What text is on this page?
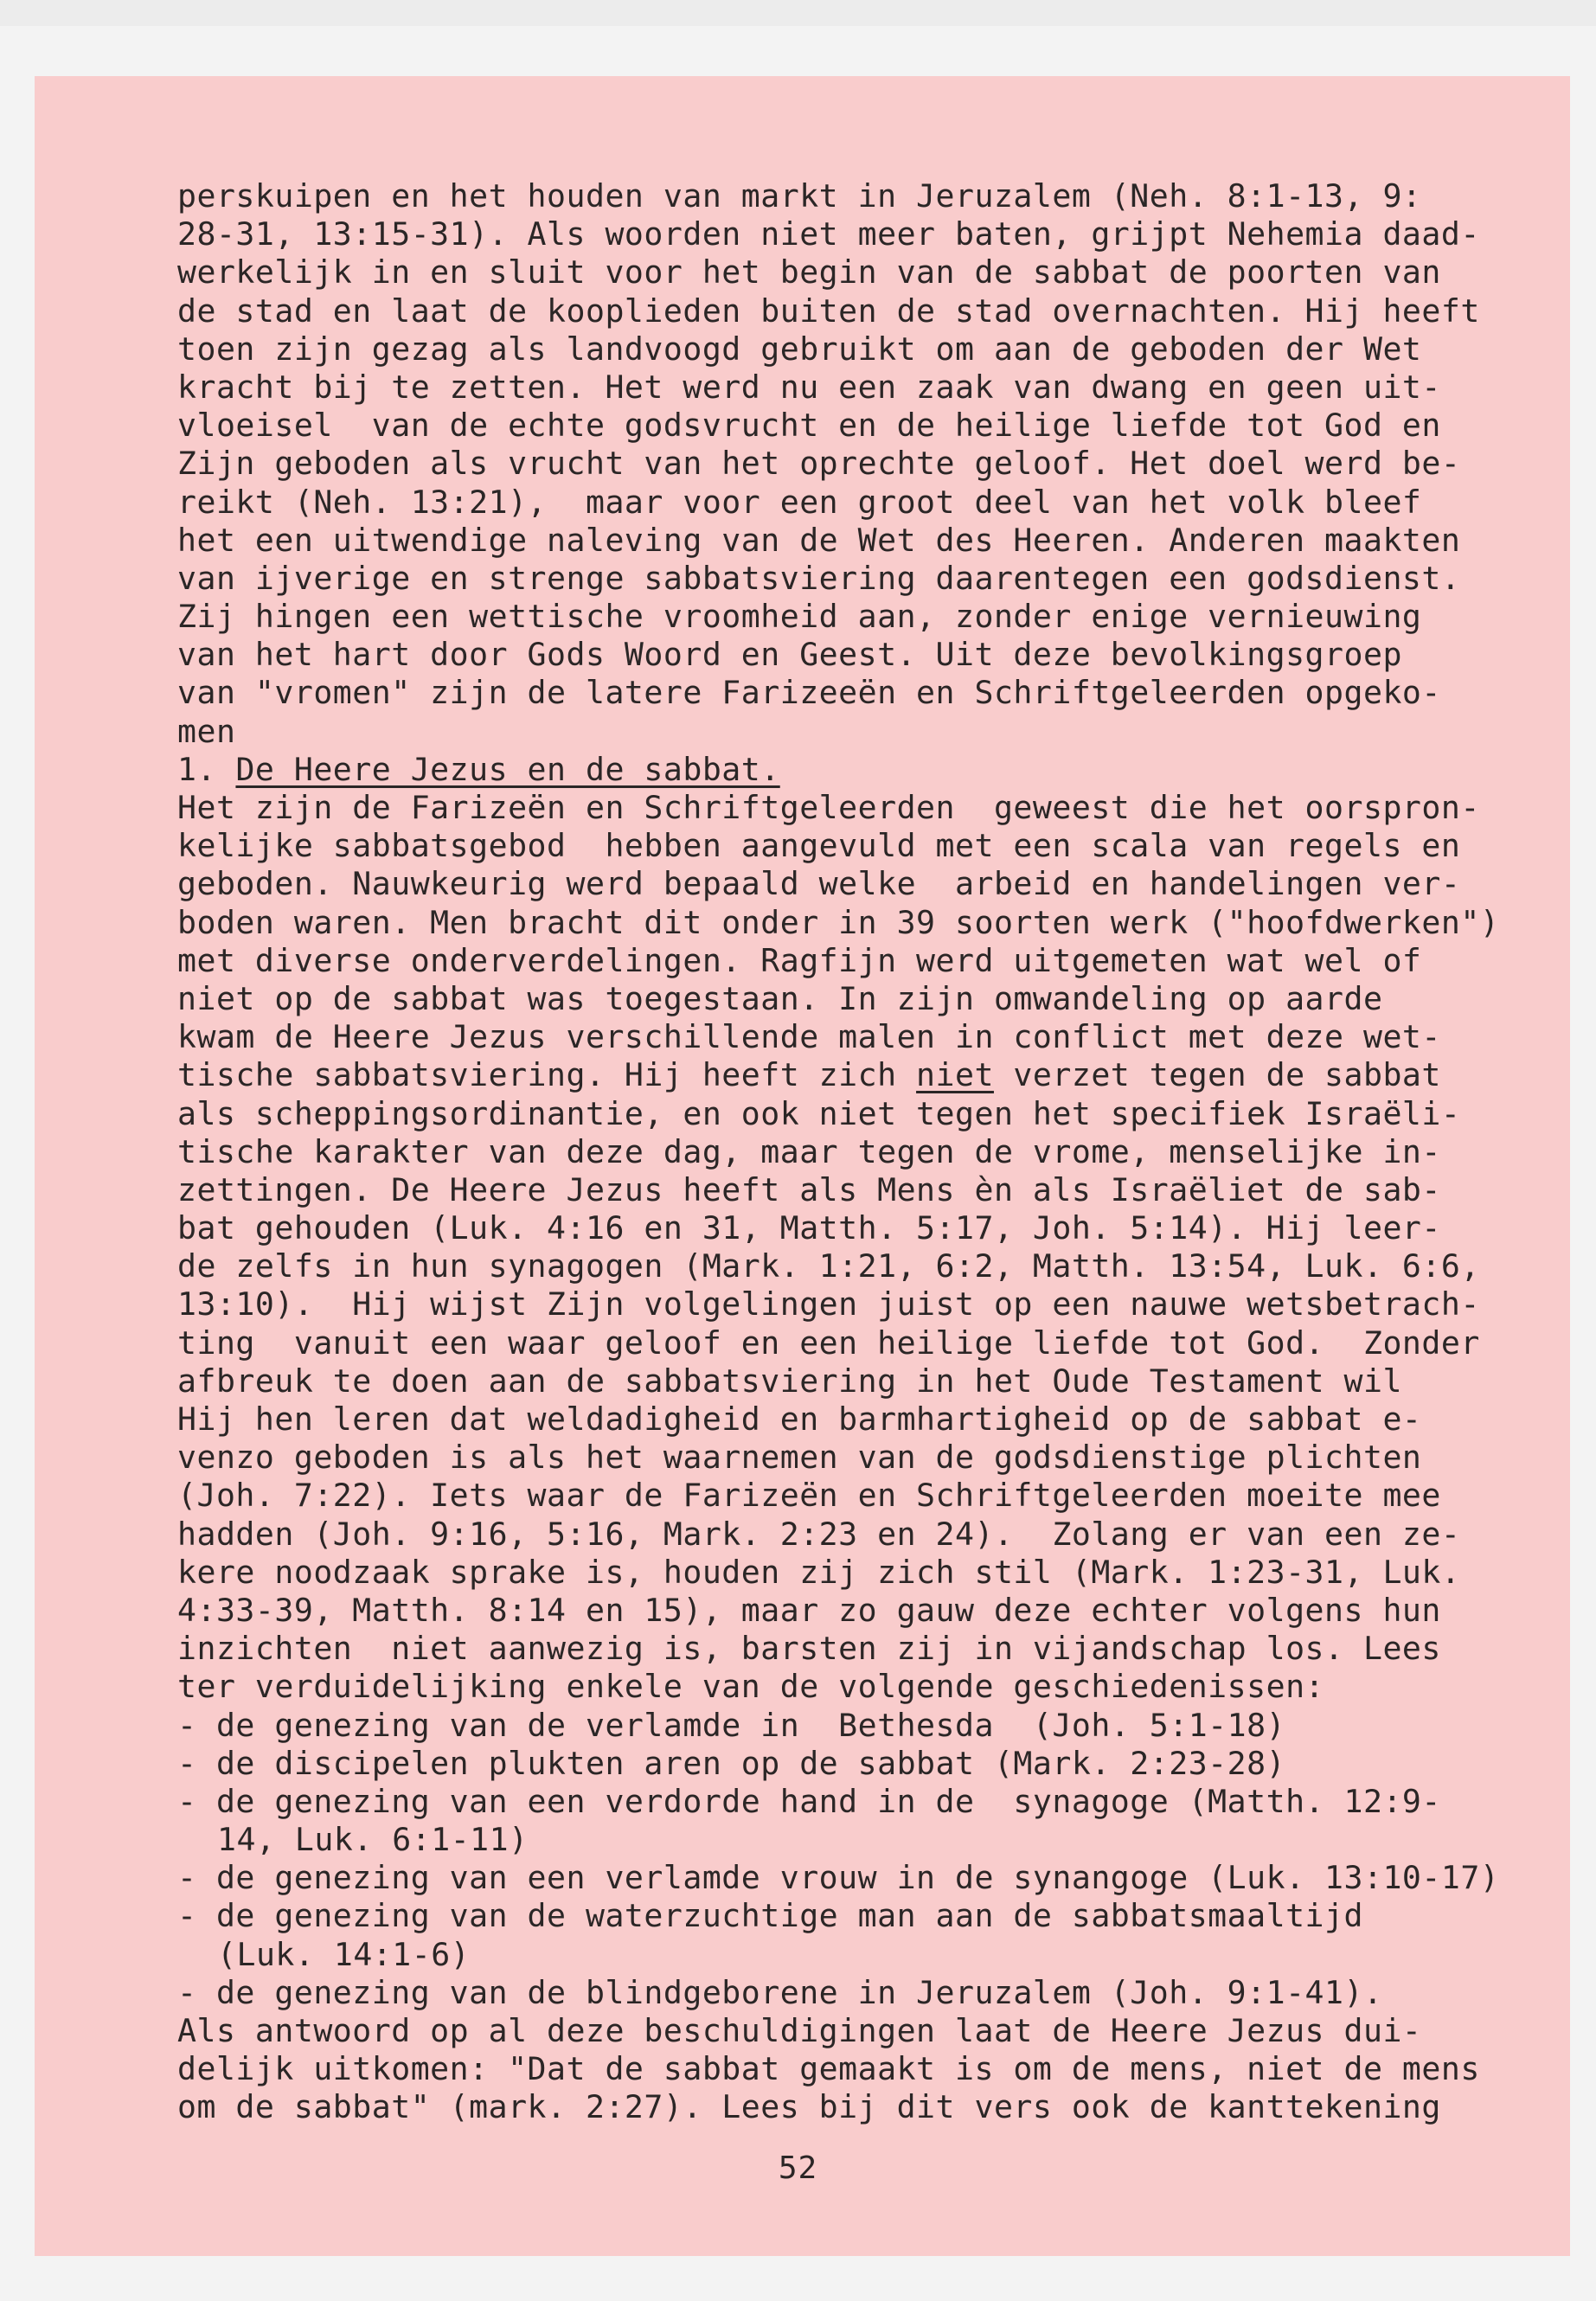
perskuipen en het houden van markt in Jeruzalem (Neh. 8:1-13, 9:
28-31, 13:15-31). Als woorden niet meer baten, grijpt Nehemia daad-
werkelijk in en sluit voor het begin van de sabbat de poorten van
de stad en laat de kooplieden buiten de stad overnachten. Hij heeft
toen zijn gezag als landvoogd gebruikt om aan de geboden der Wet
kracht bij te zetten. Het werd nu een zaak van dwang en geen uit-
vloeisel  van de echte godsvrucht en de heilige liefde tot God en
Zijn geboden als vrucht van het oprechte geloof. Het doel werd be-
reikt (Neh. 13:21),  maar voor een groot deel van het volk bleef
het een uitwendige naleving van de Wet des Heeren. Anderen maakten
van ijverige en strenge sabbatsviering daarentegen een godsdienst.
Zij hingen een wettische vroomheid aan, zonder enige vernieuwing
van het hart door Gods Woord en Geest. Uit deze bevolkingsgroep
van "vromen" zijn de latere Farizeeën en Schriftgeleerden opgeko-
men
1. De Heere Jezus en de sabbat.
Het zijn de Farizeën en Schriftgeleerden  geweest die het oorspron-
kelijke sabbatsgebod  hebben aangevuld met een scala van regels en
geboden. Nauwkeurig werd bepaald welke  arbeid en handelingen ver-
boden waren. Men bracht dit onder in 39 soorten werk ("hoofdwerken")
met diverse onderverdelingen. Ragfijn werd uitgemeten wat wel of
niet op de sabbat was toegestaan. In zijn omwandeling op aarde
kwam de Heere Jezus verschillende malen in conflict met deze wet-
tische sabbatsviering. Hij heeft zich niet verzet tegen de sabbat
als scheppingsordinantie, en ook niet tegen het specifiek Israëli-
tische karakter van deze dag, maar tegen de vrome, menselijke in-
zettingen. De Heere Jezus heeft als Mens èn als Israëliet de sab-
bat gehouden (Luk. 4:16 en 31, Matth. 5:17, Joh. 5:14). Hij leer-
de zelfs in hun synagogen (Mark. 1:21, 6:2, Matth. 13:54, Luk. 6:6,
13:10).  Hij wijst Zijn volgelingen juist op een nauwe wetsbetrach-
ting  vanuit een waar geloof en een heilige liefde tot God.  Zonder
afbreuk te doen aan de sabbatsviering in het Oude Testament wil
Hij hen leren dat weldadigheid en barmhartigheid op de sabbat e-
venzo geboden is als het waarnemen van de godsdienstige plichten
(Joh. 7:22). Iets waar de Farizeën en Schriftgeleerden moeite mee
hadden (Joh. 9:16, 5:16, Mark. 2:23 en 24).  Zolang er van een ze-
kere noodzaak sprake is, houden zij zich stil (Mark. 1:23-31, Luk.
4:33-39, Matth. 8:14 en 15), maar zo gauw deze echter volgens hun
inzichten  niet aanwezig is, barsten zij in vijandschap los. Lees
ter verduidelijking enkele van de volgende geschiedenissen:
- de genezing van de verlamde in  Bethesda  (Joh. 5:1-18)
- de discipelen plukten aren op de sabbat (Mark. 2:23-28)
- de genezing van een verdorde hand in de  synagoge (Matth. 12:9-
14, Luk. 6:1-11)
- de genezing van een verlamde vrouw in de synangoge (Luk. 13:10-17)
- de genezing van de waterzuchtige man aan de sabbatsmaaltijd
(Luk. 14:1-6)
- de genezing van de blindgeborene in Jeruzalem (Joh. 9:1-41).
Als antwoord op al deze beschuldigingen laat de Heere Jezus dui-
delijk uitkomen: "Dat de sabbat gemaakt is om de mens, niet de mens
om de sabbat" (mark. 2:27). Lees bij dit vers ook de kanttekening
52
